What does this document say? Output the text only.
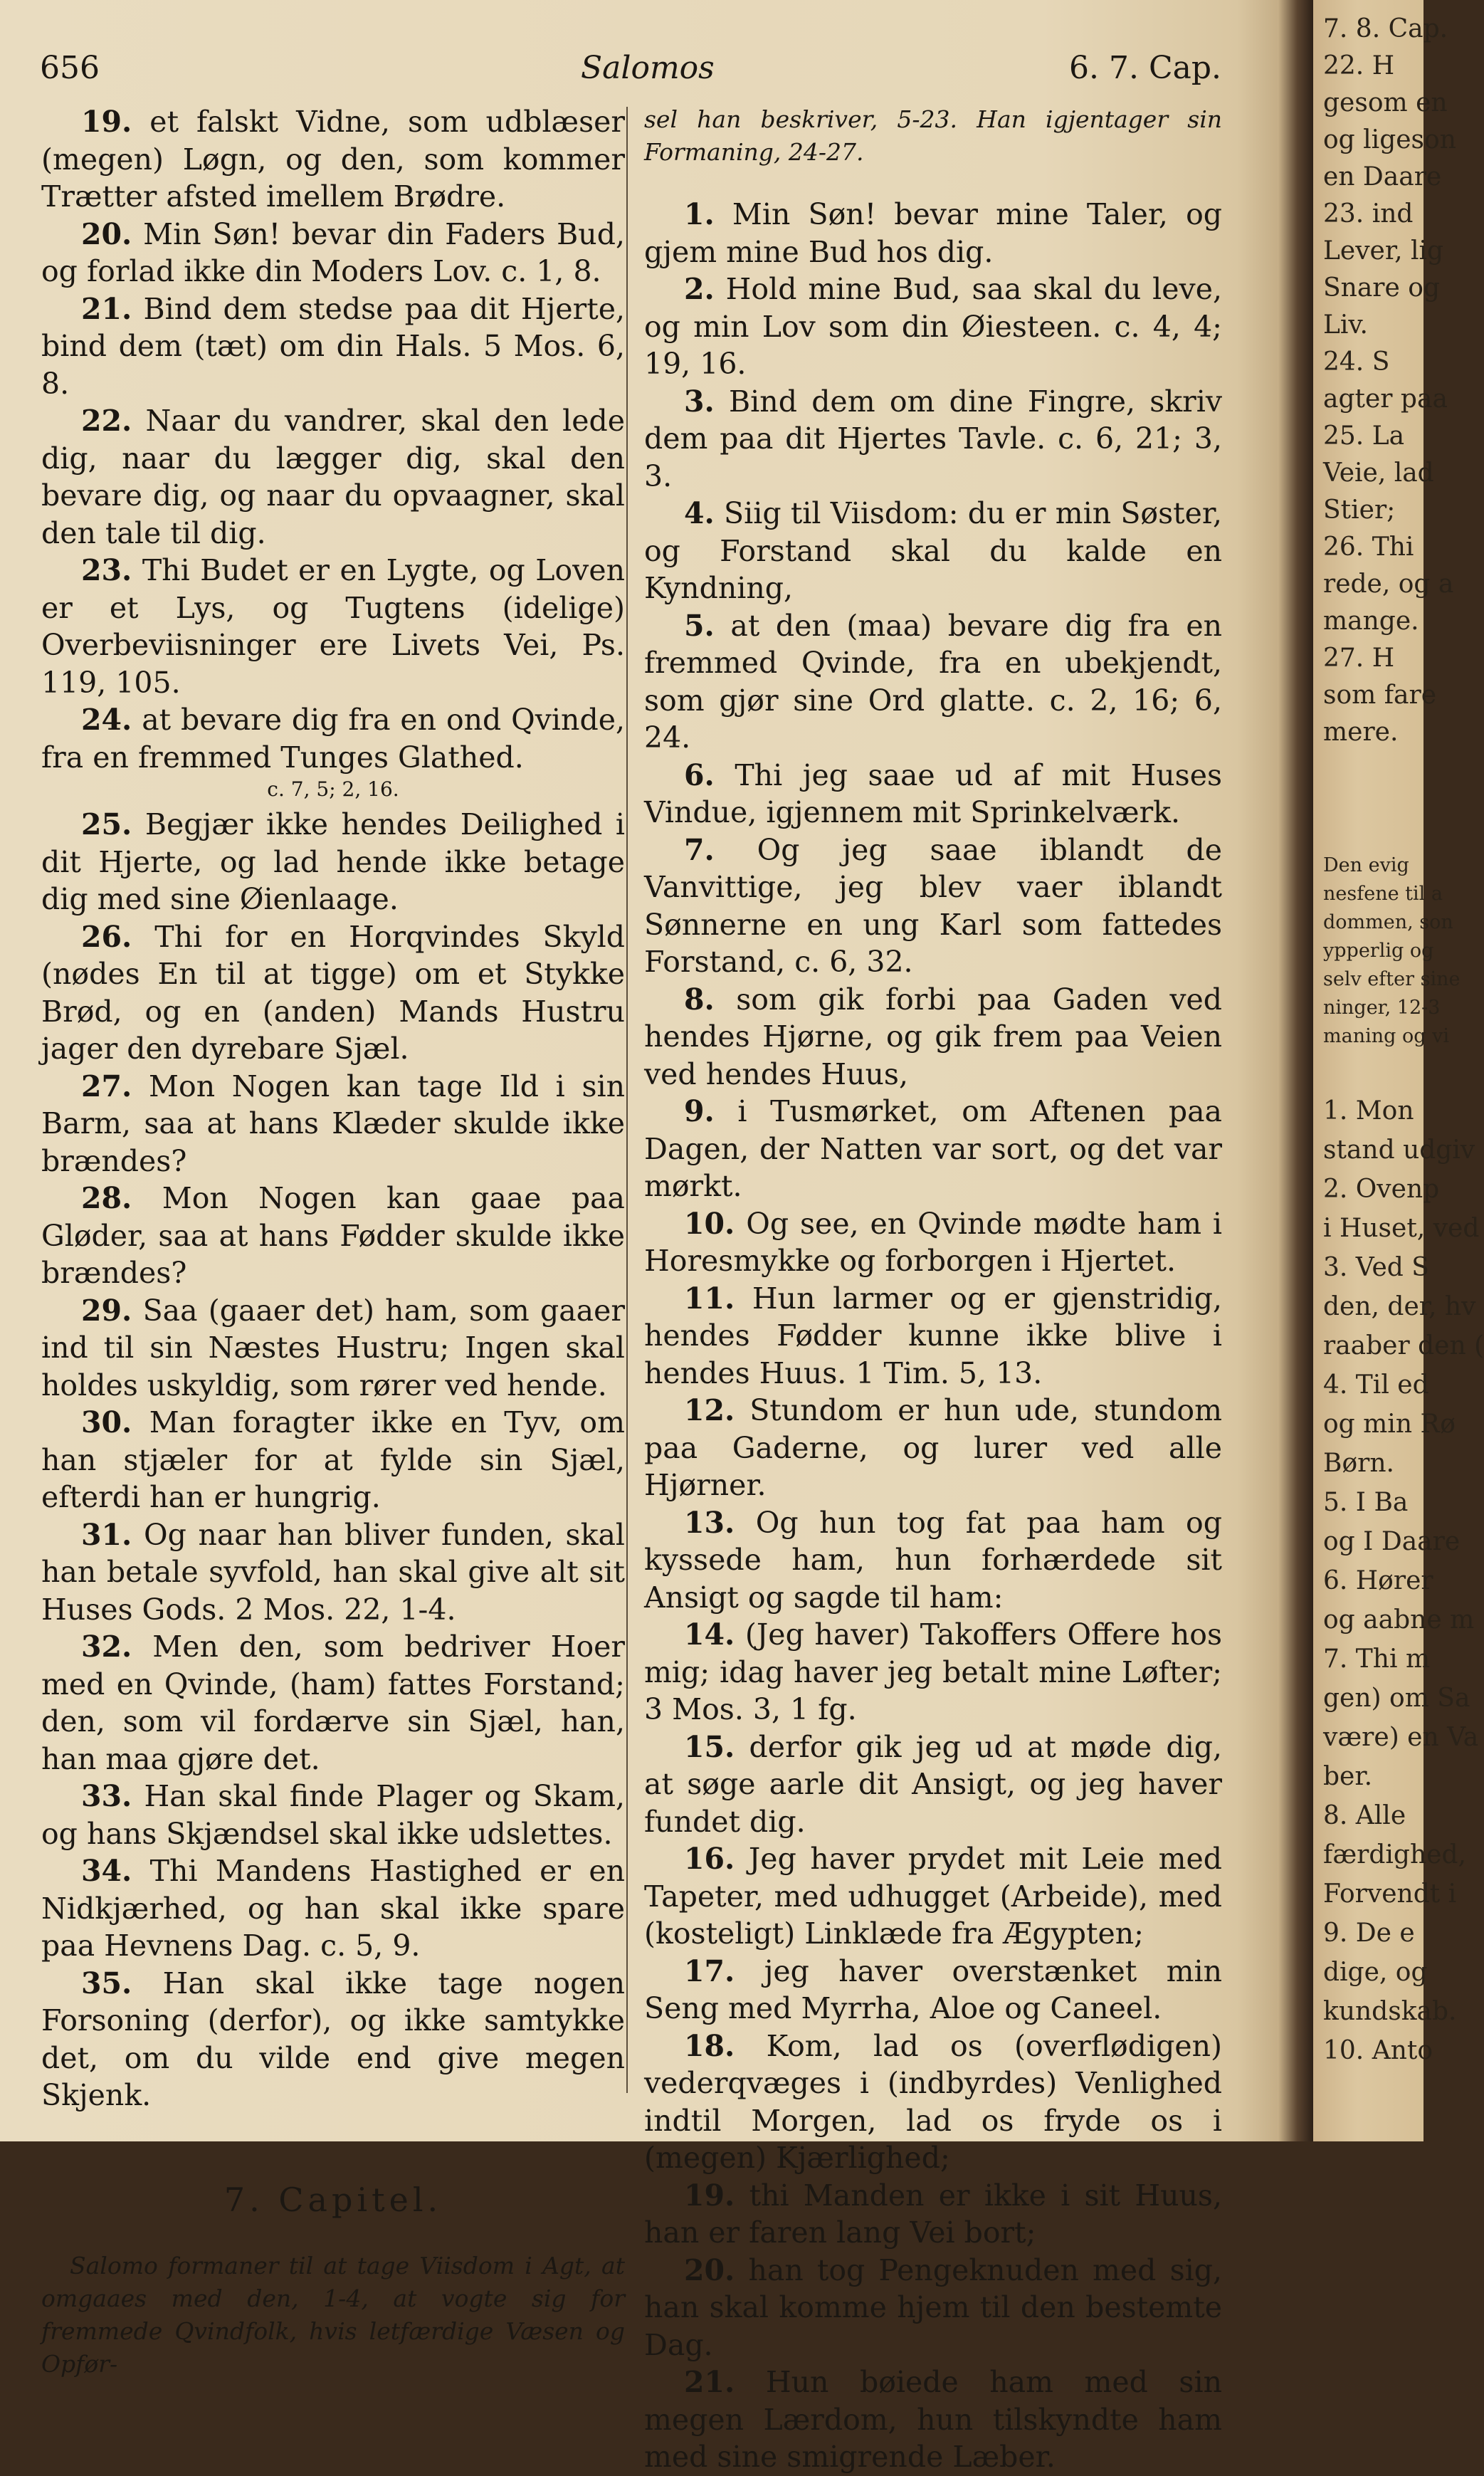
656	Salomos	6. 7. Cap.

19. et falskt Vidne, som udblæser (megen) Løgn, og den, som kommer Trætter afsted imellem Brødre.

20. Min Søn! bevar din Faders Bud, og forlad ikke din Moders Lov. c. 1, 8.

21. Bind dem stedse paa dit Hjerte, bind dem (tæt) om din Hals. 5 Mos. 6, 8.

22. Naar du vandrer, skal den lede dig, naar du lægger dig, skal den bevare dig, og naar du opvaagner, skal den tale til dig.

23. Thi Budet er en Lygte, og Loven er et Lys, og Tugtens (idelige) Overbeviisninger ere Livets Vei, Ps. 119, 105.

24. at bevare dig fra en ond Qvinde, fra en fremmed Tunges Glathed.

c. 7, 5; 2, 16.

25. Begjær ikke hendes Deilighed i dit Hjerte, og lad hende ikke betage dig med sine Øienlaage.

26. Thi for en Horqvindes Skyld (nødes En til at tigge) om et Stykke Brød, og en (anden) Mands Hustru jager den dyrebare Sjæl.

27. Mon Nogen kan tage Ild i sin Barm, saa at hans Klæder skulde ikke brændes?

28. Mon Nogen kan gaae paa Gløder, saa at hans Fødder skulde ikke brændes?

29. Saa (gaaer det) ham, som gaaer ind til sin Næstes Hustru; Ingen skal holdes uskyldig, som rører ved hende.

30. Man foragter ikke en Tyv, om han stjæler for at fylde sin Sjæl, efterdi han er hungrig.

31. Og naar han bliver funden, skal han betale syvfold, han skal give alt sit Huses Gods. 2 Mos. 22, 1-4.

32. Men den, som bedriver Hoer med en Qvinde, (ham) fattes Forstand; den, som vil fordærve sin Sjæl, han, han maa gjøre det.

33. Han skal finde Plager og Skam, og hans Skjændsel skal ikke udslettes.

34. Thi Mandens Hastighed er en Nidkjærhed, og han skal ikke spare paa Hevnens Dag. c. 5, 9.

35. Han skal ikke tage nogen Forsoning (derfor), og ikke samtykke det, om du vilde end give megen Skjenk.

7. Capitel.

Salomo formaner til at tage Viisdom i Agt, at omgaaes med den, 1-4, at vogte sig for fremmede Qvindfolk, hvis letfærdige Væsen og Opfør-

sel han beskriver, 5-23. Han igjentager sin Formaning, 24-27.

1. Min Søn! bevar mine Taler, og gjem mine Bud hos dig.

2. Hold mine Bud, saa skal du leve, og min Lov som din Øiesteen. c. 4, 4; 19, 16.

3. Bind dem om dine Fingre, skriv dem paa dit Hjertes Tavle. c. 6, 21; 3, 3.

4. Siig til Viisdom: du er min Søster, og Forstand skal du kalde en Kyndning,

5. at den (maa) bevare dig fra en fremmed Qvinde, fra en ubekjendt, som gjør sine Ord glatte. c. 2, 16; 6, 24.

6. Thi jeg saae ud af mit Huses Vindue, igjennem mit Sprinkelværk.

7. Og jeg saae iblandt de Vanvittige, jeg blev vaer iblandt Sønnerne en ung Karl som fattedes Forstand, c. 6, 32.

8. som gik forbi paa Gaden ved hendes Hjørne, og gik frem paa Veien ved hendes Huus,

9. i Tusmørket, om Aftenen paa Dagen, der Natten var sort, og det var mørkt.

10. Og see, en Qvinde mødte ham i Horesmykke og forborgen i Hjertet.

11. Hun larmer og er gjenstridig, hendes Fødder kunne ikke blive i hendes Huus. 1 Tim. 5, 13.

12. Stundom er hun ude, stundom paa Gaderne, og lurer ved alle Hjørner.

13. Og hun tog fat paa ham og kyssede ham, hun forhærdede sit Ansigt og sagde til ham:

14. (Jeg haver) Takoffers Offere hos mig; idag haver jeg betalt mine Løfter; 3 Mos. 3, 1 fg.

15. derfor gik jeg ud at møde dig, at søge aarle dit Ansigt, og jeg haver fundet dig.

16. Jeg haver prydet mit Leie med Tapeter, med udhugget (Arbeide), med (kosteligt) Linklæde fra Ægypten;

17. jeg haver overstænket min Seng med Myrrha, Aloe og Caneel.

18. Kom, lad os (overflødigen) vederqvæges i (indbyrdes) Venlighed indtil Morgen, lad os fryde os i (megen) Kjærlighed;

19. thi Manden er ikke i sit Huus, han er faren lang Vei bort;

20. han tog Pengeknuden med sig, han skal komme hjem til den bestemte Dag.

21. Hun bøiede ham med sin megen Lærdom, hun tilskyndte ham med sine smigrende Læber.

7. 8. Cap.
22. H
gesom en
og ligeson
en Daare
23. ind
Lever, lig
Snare og
Liv.
24. S
agter paa
25. La
Veie, lad
Stier;
26. Thi
rede, og a
mange.
27. H
som fare
mere.
Den evig
nesfene til a
dommen, son
ypperlig og
selv efter sine
ninger, 12-3
maning og vi
1. Mon
stand udgiv
2. Ovenp
i Huset, ved
3. Ved S
den, der, hv
raaber den (
4. Til ed
og min Rø
Børn.
5. I Ba
og I Daare
6. Hører
og aabne m
7. Thi m
gen) om Sa
være) en Va
ber.
8. Alle
færdighed,
Forvendt i
9. De e
dige, og
kundskab.
10. Anto
